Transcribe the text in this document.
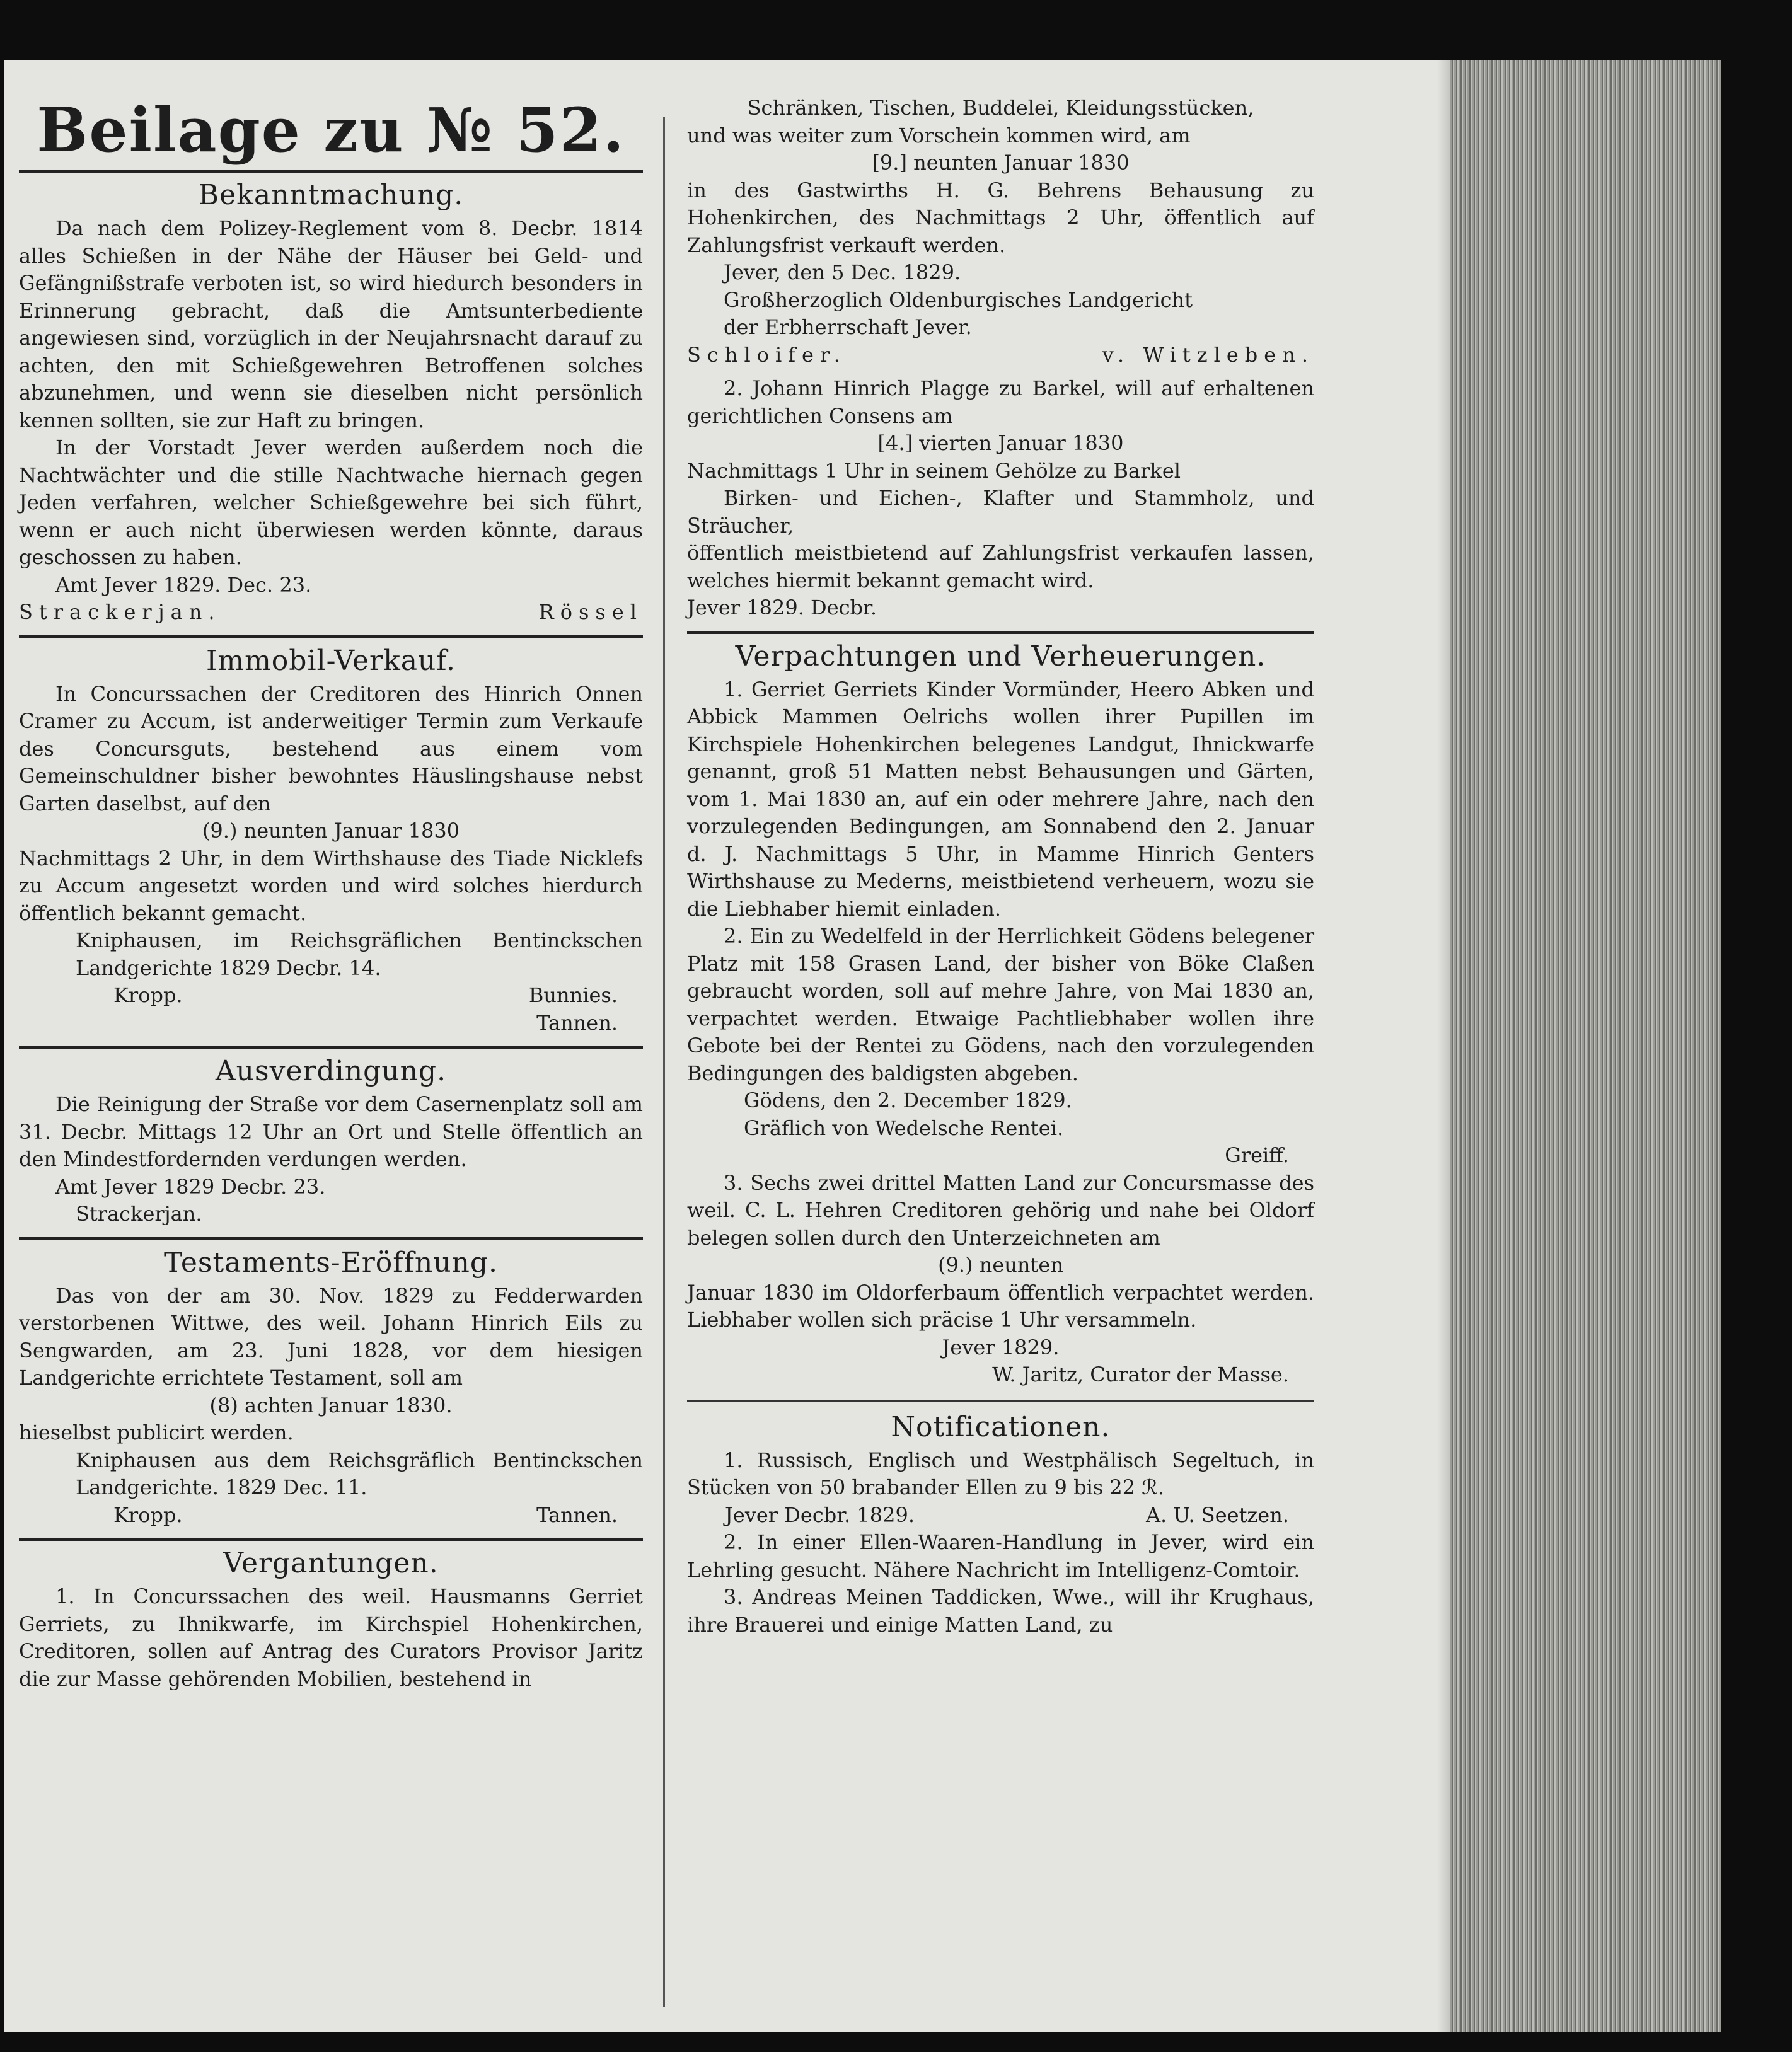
Beilage zu № 52.
Bekanntmachung.

Da nach dem Polizey-Reglement vom 8. Decbr. 1814 alles Schießen in der Nähe der Häuser bei Geld- und Gefängnißstrafe verboten ist, so wird hiedurch besonders in Erinnerung gebracht, daß die Amtsunterbediente angewiesen sind, vorzüglich in der Neujahrsnacht darauf zu achten, den mit Schießgewehren Betroffenen solches abzunehmen, und wenn sie dieselben nicht persönlich kennen sollten, sie zur Haft zu bringen.

In der Vorstadt Jever werden außerdem noch die Nachtwächter und die stille Nachtwache hiernach gegen Jeden verfahren, welcher Schießgewehre bei sich führt, wenn er auch nicht überwiesen werden könnte, daraus geschossen zu haben.

Amt Jever 1829. Dec. 23.

Strackerjan.	Rössel
Immobil-Verkauf.

In Concurssachen der Creditoren des Hinrich Onnen Cramer zu Accum, ist anderweitiger Termin zum Verkaufe des Concursguts, bestehend aus einem vom Gemeinschuldner bisher bewohntes Häuslingshause nebst Garten daselbst, auf den

(9.) neunten Januar 1830

Nachmittags 2 Uhr, in dem Wirthshause des Tiade Nicklefs zu Accum angesetzt worden und wird solches hierdurch öffentlich bekannt gemacht.

Kniphausen, im Reichsgräflichen Bentinckschen Landgerichte 1829 Decbr. 14.

Kropp.	Bunnies.

Tannen.

Ausverdingung.

Die Reinigung der Straße vor dem Casernenplatz soll am 31. Decbr. Mittags 12 Uhr an Ort und Stelle öffentlich an den Mindestfordernden verdungen werden.

Amt Jever 1829 Decbr. 23.

Strackerjan.

Testaments-Eröffnung.

Das von der am 30. Nov. 1829 zu Fedderwarden verstorbenen Wittwe, des weil. Johann Hinrich Eils zu Sengwarden, am 23. Juni 1828, vor dem hiesigen Landgerichte errichtete Testament, soll am

(8) achten Januar 1830.

hieselbst publicirt werden.

Kniphausen aus dem Reichsgräflich Bentinckschen Landgerichte. 1829 Dec. 11.

Kropp.	Tannen.
Vergantungen.

1. In Concurssachen des weil. Hausmanns Gerriet Gerriets, zu Ihnikwarfe, im Kirchspiel Hohenkirchen, Creditoren, sollen auf Antrag des Curators Provisor Jaritz die zur Masse gehörenden Mobilien, bestehend in

Schränken, Tischen, Buddelei, Kleidungsstücken,

und was weiter zum Vorschein kommen wird, am

[9.] neunten Januar 1830

in des Gastwirths H. G. Behrens Behausung zu Hohenkirchen, des Nachmittags 2 Uhr, öffentlich auf Zahlungsfrist verkauft werden.

Jever, den 5 Dec. 1829.

Großherzoglich Oldenburgisches Landgericht

der Erbherrschaft Jever.

Schloifer.	v. Witzleben.

2. Johann Hinrich Plagge zu Barkel, will auf erhaltenen gerichtlichen Consens am

[4.] vierten Januar 1830

Nachmittags 1 Uhr in seinem Gehölze zu Barkel

Birken- und Eichen-, Klafter und Stammholz, und Sträucher,

öffentlich meistbietend auf Zahlungsfrist verkaufen lassen, welches hiermit bekannt gemacht wird.

Jever 1829. Decbr.

Verpachtungen und Verheuerungen.

1. Gerriet Gerriets Kinder Vormünder, Heero Abken und Abbick Mammen Oelrichs wollen ihrer Pupillen im Kirchspiele Hohenkirchen belegenes Landgut, Ihnickwarfe genannt, groß 51 Matten nebst Behausungen und Gärten, vom 1. Mai 1830 an, auf ein oder mehrere Jahre, nach den vorzulegenden Bedingungen, am Sonnabend den 2. Januar d. J. Nachmittags 5 Uhr, in Mamme Hinrich Genters Wirthshause zu Mederns, meistbietend verheuern, wozu sie die Liebhaber hiemit einladen.

2. Ein zu Wedelfeld in der Herrlichkeit Gödens belegener Platz mit 158 Grasen Land, der bisher von Böke Claßen gebraucht worden, soll auf mehre Jahre, von Mai 1830 an, verpachtet werden. Etwaige Pachtliebhaber wollen ihre Gebote bei der Rentei zu Gödens, nach den vorzulegenden Bedingungen des baldigsten abgeben.

Gödens, den 2. December 1829.

Gräflich von Wedelsche Rentei.

Greiff.

3. Sechs zwei drittel Matten Land zur Concursmasse des weil. C. L. Hehren Creditoren gehörig und nahe bei Oldorf belegen sollen durch den Unterzeichneten am

(9.) neunten

Januar 1830 im Oldorferbaum öffentlich verpachtet werden. Liebhaber wollen sich präcise 1 Uhr versammeln.

Jever 1829.

W. Jaritz, Curator der Masse.

Notificationen.

1. Russisch, Englisch und Westphälisch Segeltuch, in Stücken von 50 brabander Ellen zu 9 bis 22 ℛ.

Jever Decbr. 1829.	A. U. Seetzen.

2. In einer Ellen-Waaren-Handlung in Jever, wird ein Lehrling gesucht. Nähere Nachricht im Intelligenz-Comtoir.

3. Andreas Meinen Taddicken, Wwe., will ihr Krughaus, ihre Brauerei und einige Matten Land, zu
